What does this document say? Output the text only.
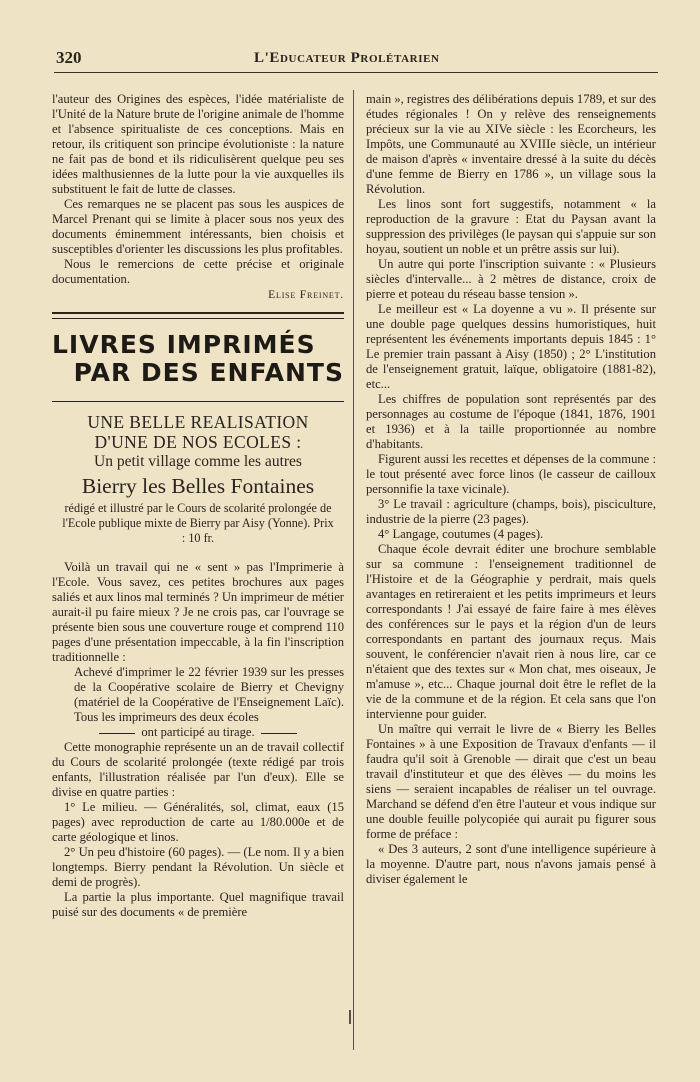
320	L'Educateur Prolétarien

l'auteur des Origines des espèces, l'idée matérialiste de l'Unité de la Nature brute de l'origine animale de l'homme et l'absence spiritualiste de ces conceptions. Mais en retour, ils critiquent son principe évolutioniste : la nature ne fait pas de bond et ils ridiculisèrent quelque peu ses idées malthusiennes de la lutte pour la vie auxquelles ils substituent le fait de lutte de classes.

Ces remarques ne se placent pas sous les auspices de Marcel Prenant qui se limite à placer sous nos yeux des documents éminemment intéressants, bien choisis et susceptibles d'orienter les discussions les plus profitables.

Nous le remercions de cette précise et originale documentation.

Elise Freinet.

LIVRES IMPRIMÉS
PAR DES ENFANTS

UNE BELLE REALISATION

D'UNE DE NOS ECOLES :

Un petit village comme les autres

Bierry les Belles Fontaines

rédigé et illustré par le Cours de scolarité prolongée de l'Ecole publique mixte de Bierry par Aisy (Yonne). Prix : 10 fr.

Voilà un travail qui ne « sent » pas l'Imprimerie à l'Ecole. Vous savez, ces petites brochures aux pages saliés et aux linos mal terminés ? Un imprimeur de métier aurait-il pu faire mieux ? Je ne crois pas, car l'ouvrage se présente bien sous une couverture rouge et comprend 110 pages d'une présentation impeccable, à la fin l'inscription traditionnelle :

Achevé d'imprimer le 22 février 1939 sur les presses de la Coopérative scolaire de Bierry et Chevigny (matériel de la Coopérative de l'Enseignement Laïc). Tous les imprimeurs des deux écoles

ont participé au tirage.

Cette monographie représente un an de travail collectif du Cours de scolarité prolongée (texte rédigé par trois enfants, l'illustration réalisée par l'un d'eux). Elle se divise en quatre parties :

1° Le milieu. — Généralités, sol, climat, eaux (15 pages) avec reproduction de carte au 1/80.000e et de carte géologique et linos.

2° Un peu d'histoire (60 pages). — (Le nom. Il y a bien longtemps. Bierry pendant la Révolution. Un siècle et demi de progrès).

La partie la plus importante. Quel magnifique travail puisé sur des documents « de première

main », registres des délibérations depuis 1789, et sur des études régionales ! On y relève des renseignements précieux sur la vie au XIVe siècle : les Ecorcheurs, les Impôts, une Communauté au XVIIIe siècle, un intérieur de maison d'après « inventaire dressé à la suite du décès d'une femme de Bierry en 1786 », un village sous la Révolution.

Les linos sont fort suggestifs, notamment « la reproduction de la gravure : Etat du Paysan avant la suppression des privilèges (le paysan qui s'appuie sur son hoyau, soutient un noble et un prêtre assis sur lui).

Un autre qui porte l'inscription suivante : « Plusieurs siècles d'intervalle... à 2 mètres de distance, croix de pierre et poteau du réseau basse tension ».

Le meilleur est « La doyenne a vu ». Il présente sur une double page quelques dessins humoristiques, huit représentent les événements importants depuis 1845 : 1° Le premier train passant à Aisy (1850) ; 2° L'institution de l'enseignement gratuit, laïque, obligatoire (1881-82), etc...

Les chiffres de population sont représentés par des personnages au costume de l'époque (1841, 1876, 1901 et 1936) et à la taille proportionnée au nombre d'habitants.

Figurent aussi les recettes et dépenses de la commune : le tout présenté avec force linos (le casseur de cailloux personnifie la taxe vicinale).

3° Le travail : agriculture (champs, bois), pisciculture, industrie de la pierre (23 pages).

4° Langage, coutumes (4 pages).

Chaque école devrait éditer une brochure semblable sur sa commune : l'enseignement traditionnel de l'Histoire et de la Géographie y perdrait, mais quels avantages en retireraient et les petits imprimeurs et leurs correspondants ! J'ai essayé de faire faire à mes élèves des conférences sur le pays et la région d'un de leurs correspondants en partant des journaux reçus. Mais souvent, le conférencier n'avait rien à nous lire, car ce n'étaient que des textes sur « Mon chat, mes oiseaux, Je m'amuse », etc... Chaque journal doit être le reflet de la vie de la commune et de la région. Et cela sans que l'on intervienne pour guider.

Un maître qui verrait le livre de « Bierry les Belles Fontaines » à une Exposition de Travaux d'enfants — il faudra qu'il soit à Grenoble — dirait que c'est un beau travail d'instituteur et que des élèves — du moins les siens — seraient incapables de réaliser un tel ouvrage. Marchand se défend d'en être l'auteur et vous indique sur une double feuille polycopiée qui aurait pu figurer sous forme de préface :

« Des 3 auteurs, 2 sont d'une intelligence supérieure à la moyenne. D'autre part, nous n'avons jamais pensé à diviser également le
